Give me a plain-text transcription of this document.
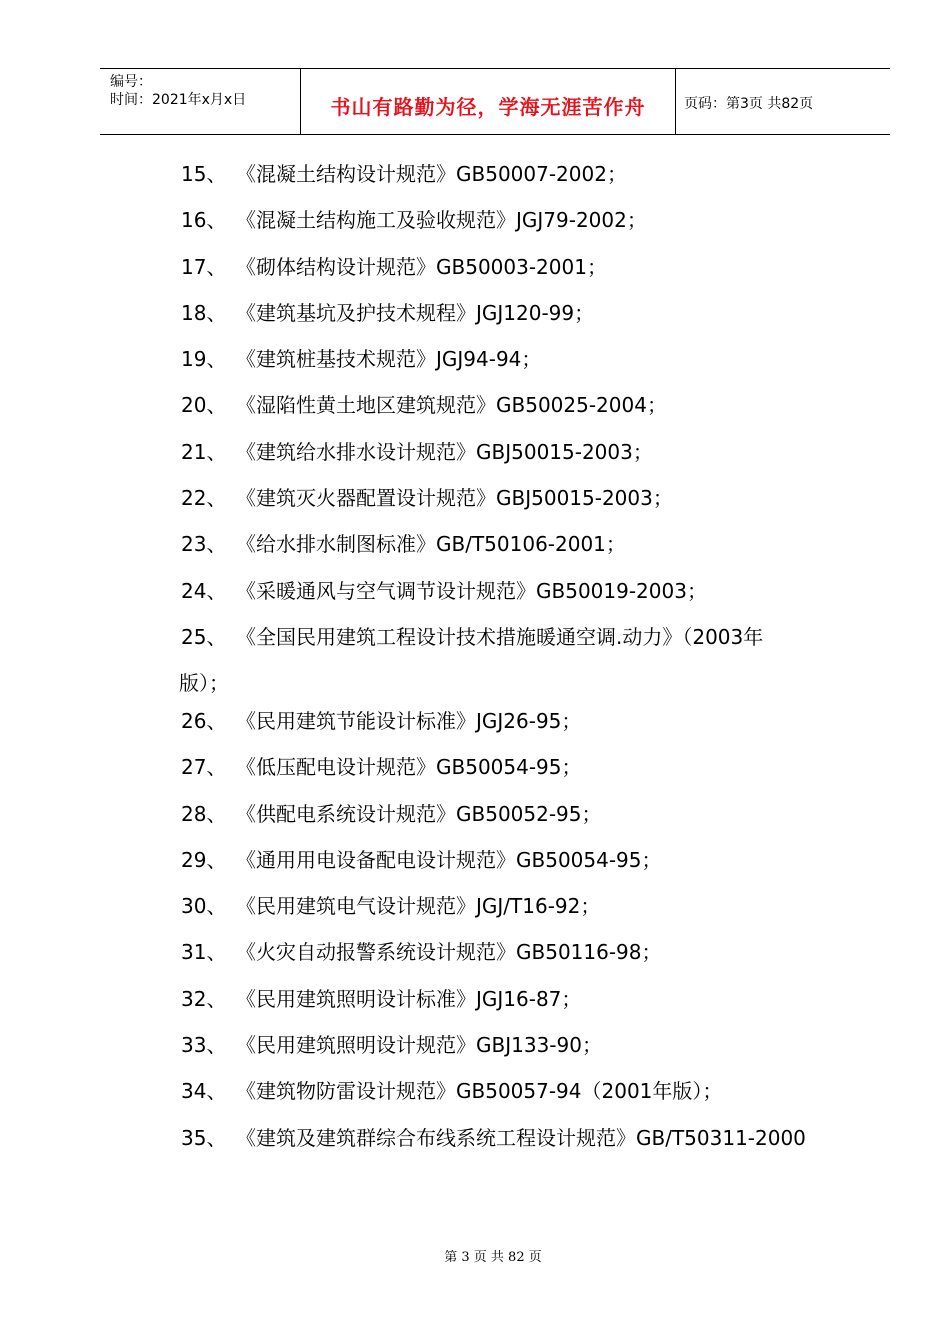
编号：
时间：2021年x月x日	书山有路勤为径，学海无涯苦作舟	页码：第3页 共82页
15、 《混凝土结构设计规范》GB50007-2002；
16、 《混凝土结构施工及验收规范》JGJ79-2002；
17、 《砌体结构设计规范》GB50003-2001；
18、 《建筑基坑及护技术规程》JGJ120-99；
19、 《建筑桩基技术规范》JGJ94-94；
20、 《湿陷性黄土地区建筑规范》GB50025-2004；
21、 《建筑给水排水设计规范》GBJ50015-2003；
22、 《建筑灭火器配置设计规范》GBJ50015-2003；
23、 《给水排水制图标准》GB/T50106-2001；
24、 《采暖通风与空气调节设计规范》GB50019-2003；
25、 《全国民用建筑工程设计技术措施暖通空调.动力》（2003年
版）；
26、 《民用建筑节能设计标准》JGJ26-95；
27、 《低压配电设计规范》GB50054-95；
28、 《供配电系统设计规范》GB50052-95；
29、 《通用用电设备配电设计规范》GB50054-95；
30、 《民用建筑电气设计规范》JGJ/T16-92；
31、 《火灾自动报警系统设计规范》GB50116-98；
32、 《民用建筑照明设计标准》JGJ16-87；
33、 《民用建筑照明设计规范》GBJ133-90；
34、 《建筑物防雷设计规范》GB50057-94（2001年版）；
35、 《建筑及建筑群综合布线系统工程设计规范》GB/T50311-2000
第 3 页 共 82 页
